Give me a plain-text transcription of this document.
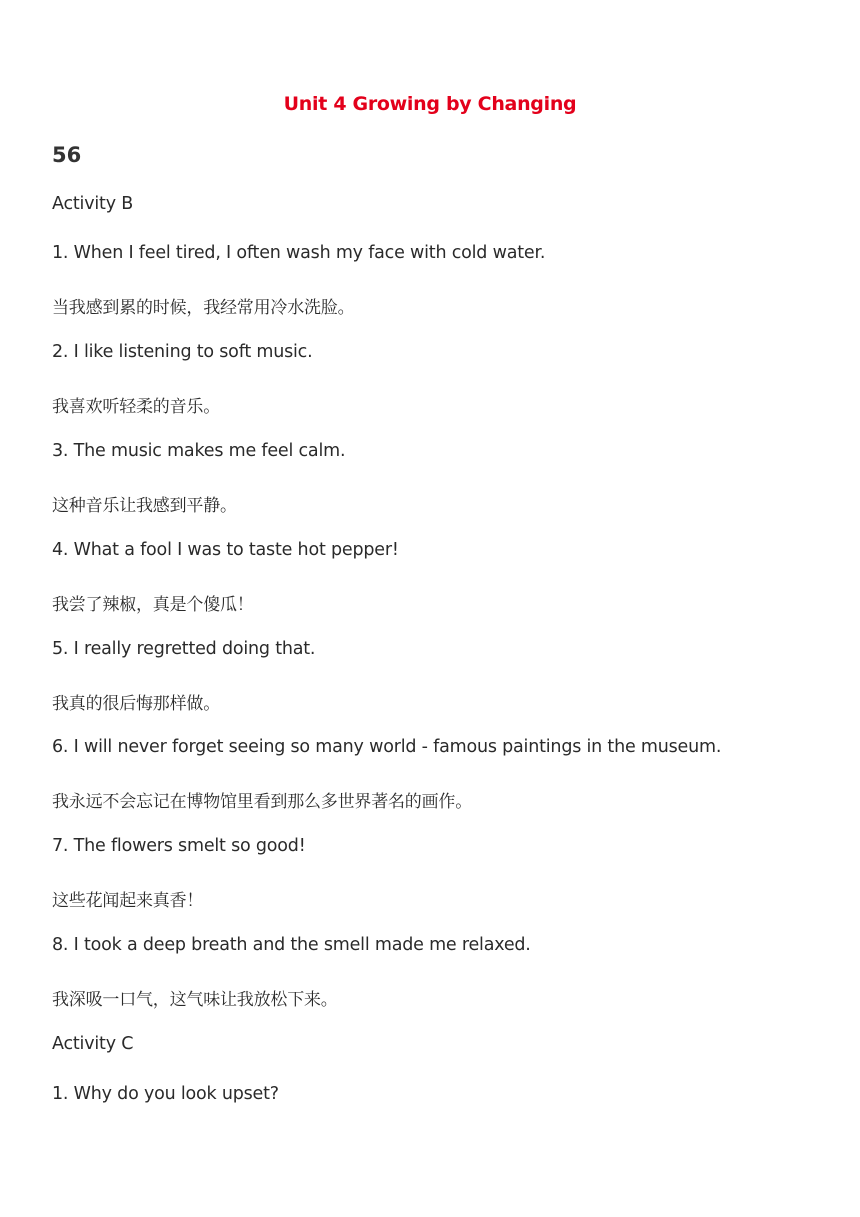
Unit 4 Growing by Changing
56
Activity B
1. When I feel tired, I often wash my face with cold water.
当我感到累的时候，我经常用冷水洗脸。
2. I like listening to soft music.
我喜欢听轻柔的音乐。
3. The music makes me feel calm.
这种音乐让我感到平静。
4. What a fool I was to taste hot pepper!
我尝了辣椒，真是个傻瓜！
5. I really regretted doing that.
我真的很后悔那样做。
6. I will never forget seeing so many world - famous paintings in the museum.
我永远不会忘记在博物馆里看到那么多世界著名的画作。
7. The flowers smelt so good!
这些花闻起来真香！
8. I took a deep breath and the smell made me relaxed.
我深吸一口气，这气味让我放松下来。
Activity C
1. Why do you look upset?
